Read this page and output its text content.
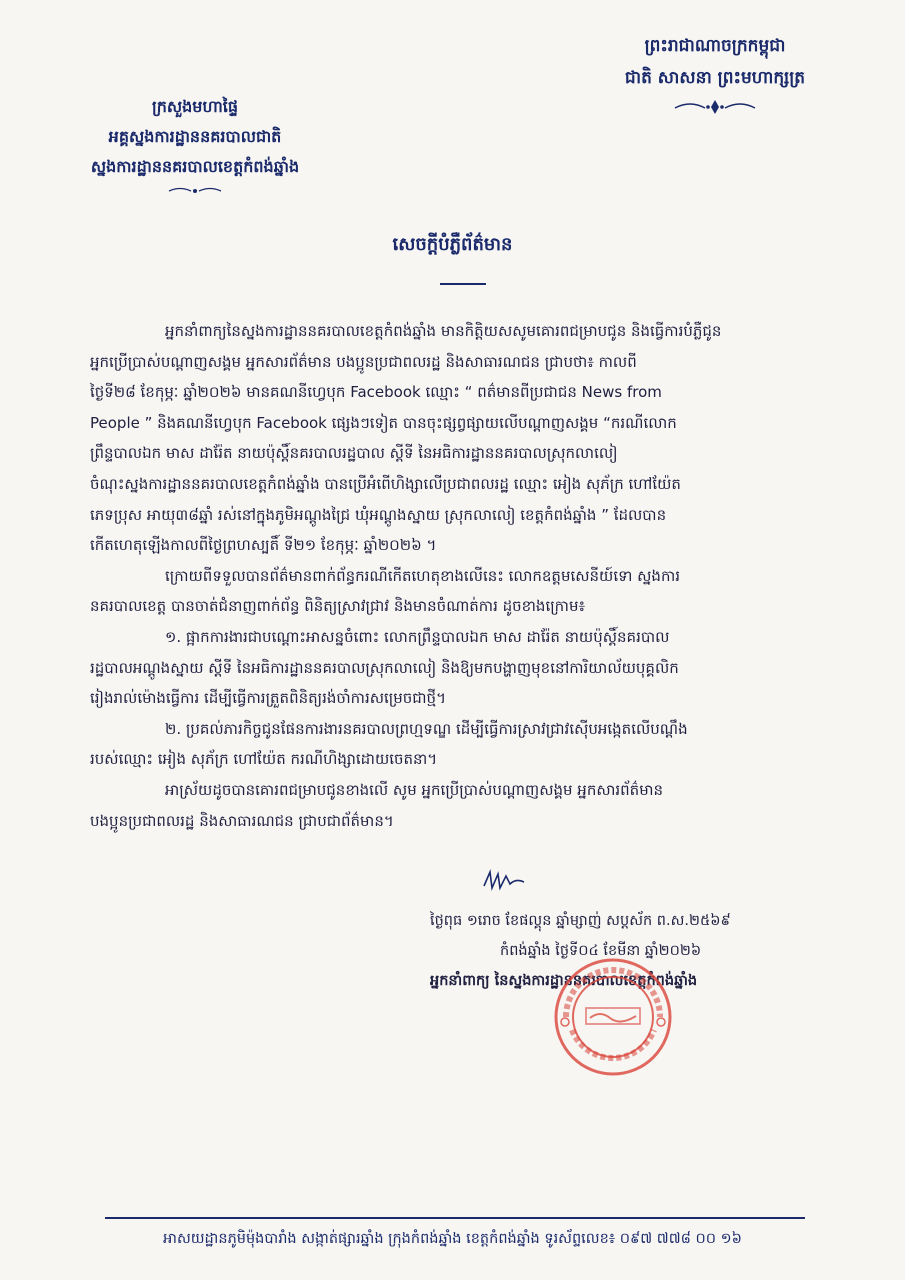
ព្រះរាជាណាចក្រកម្ពុជា
ជាតិ សាសនា ព្រះមហាក្សត្រ
ក្រសួងមហាផ្ទៃ
អគ្គស្នងការដ្ឋាននគរបាលជាតិ
ស្នងការដ្ឋាននគរបាលខេត្តកំពង់ឆ្នាំង
សេចក្ដីបំភ្លឺព័ត៌មាន

អ្នកនាំពាក្យនៃស្នងការដ្ឋាននគរបាលខេត្តកំពង់ឆ្នាំង មានកិត្តិយសសូមគោរពជម្រាបជូន និងធ្វើការបំភ្លឺជូន

អ្នកប្រើប្រាស់បណ្ដាញសង្គម អ្នកសារព័ត៌មាន បងប្អូនប្រជាពលរដ្ឋ និងសាធារណជន ជ្រាបថា៖ កាលពី

ថ្ងៃទី២៨ ខែកុម្ភៈ ឆ្នាំ២០២៦ មានគណនីហ្វេបុក Facebook ឈ្មោះ “ ពត៌មានពីប្រជាជន News from

People ” និងគណនីហ្វេបុក Facebook ផ្សេងៗទៀត បានចុះផ្សព្វផ្សាយលើបណ្ដាញសង្គម “ករណីលោក

ព្រឹន្ទបាលឯក មាស ដារ៉ែត នាយប៉ុស្តិ៍នគរបាលរដ្ឋបាល ស្ដីទី នៃអធិការដ្ឋាននគរបាលស្រុកលាលៀ

ចំណុះស្នងការដ្ឋាននគរបាលខេត្តកំពង់ឆ្នាំង បានប្រើអំពើហិង្សាលើប្រជាពលរដ្ឋ ឈ្មោះ អៀង សុភ័ក្រ ហៅយ៉ែត

ភេទប្រុស អាយុ៣៨ឆ្នាំ រស់នៅក្នុងភូមិអណ្ដូងជ្រៃ ឃុំអណ្ដូងស្នាយ ស្រុកលាលៀ ខេត្តកំពង់ឆ្នាំង ” ដែលបាន

កើតហេតុឡើងកាលពីថ្ងៃព្រហស្បតិ៍ ទី២១ ខែកុម្ភៈ ឆ្នាំ២០២៦ ។

ក្រោយពីទទួលបានព័ត៌មានពាក់ព័ន្ធករណីកើតហេតុខាងលើនេះ លោកឧត្តមសេនីយ៍ទោ ស្នងការ

នគរបាលខេត្ត បានចាត់ជំនាញពាក់ព័ន្ធ ពិនិត្យស្រាវជ្រាវ និងមានចំណាត់ការ ដូចខាងក្រោម៖

១. ផ្អាកការងារជាបណ្ដោះអាសន្នចំពោះ លោកព្រឹន្ទបាលឯក មាស ដារ៉ែត នាយប៉ុស្តិ៍នគរបាល

រដ្ឋបាលអណ្ដូងស្នាយ ស្ដីទី នៃអធិការដ្ឋាននគរបាលស្រុកលាលៀ និងឱ្យមកបង្ហាញមុខនៅការិយាល័យបុគ្គលិក

រៀងរាល់ម៉ោងធ្វើការ ដើម្បីធ្វើការត្រួតពិនិត្យរង់ចាំការសម្រេចជាថ្មី។

២. ប្រគល់ភារកិច្ចជូនផែនការងារនគរបាលព្រហ្មទណ្ឌ ដើម្បីធ្វើការស្រាវជ្រាវស៊ើបអង្កេតលើបណ្ដឹង

របស់ឈ្មោះ អៀង សុភ័ក្រ ហៅយ៉ែត ករណីហិង្សាដោយចេតនា។

អាស្រ័យដូចបានគោរពជម្រាបជូនខាងលើ សូម អ្នកប្រើប្រាស់បណ្ដាញសង្គម អ្នកសារព័ត៌មាន

បងប្អូនប្រជាពលរដ្ឋ និងសាធារណជន ជ្រាបជាព័ត៌មាន។

ថ្ងៃពុធ ១រោច ខែផល្គុន ឆ្នាំម្សាញ់ សប្តស័ក ព.ស.២៥៦៩
កំពង់ឆ្នាំង ថ្ងៃទី០៤ ខែមីនា ឆ្នាំ២០២៦
អ្នកនាំពាក្យ នៃស្នងការដ្ឋាននគរបាលខេត្តកំពង់ឆ្នាំង
អាសយដ្ឋានភូមិម៉ុងបារាំង សង្កាត់ផ្សារឆ្នាំង ក្រុងកំពង់ឆ្នាំង ខេត្តកំពង់ឆ្នាំង ទូរស័ព្ទលេខ៖ ០៩៧ ៧៧៨ ០០ ១៦
